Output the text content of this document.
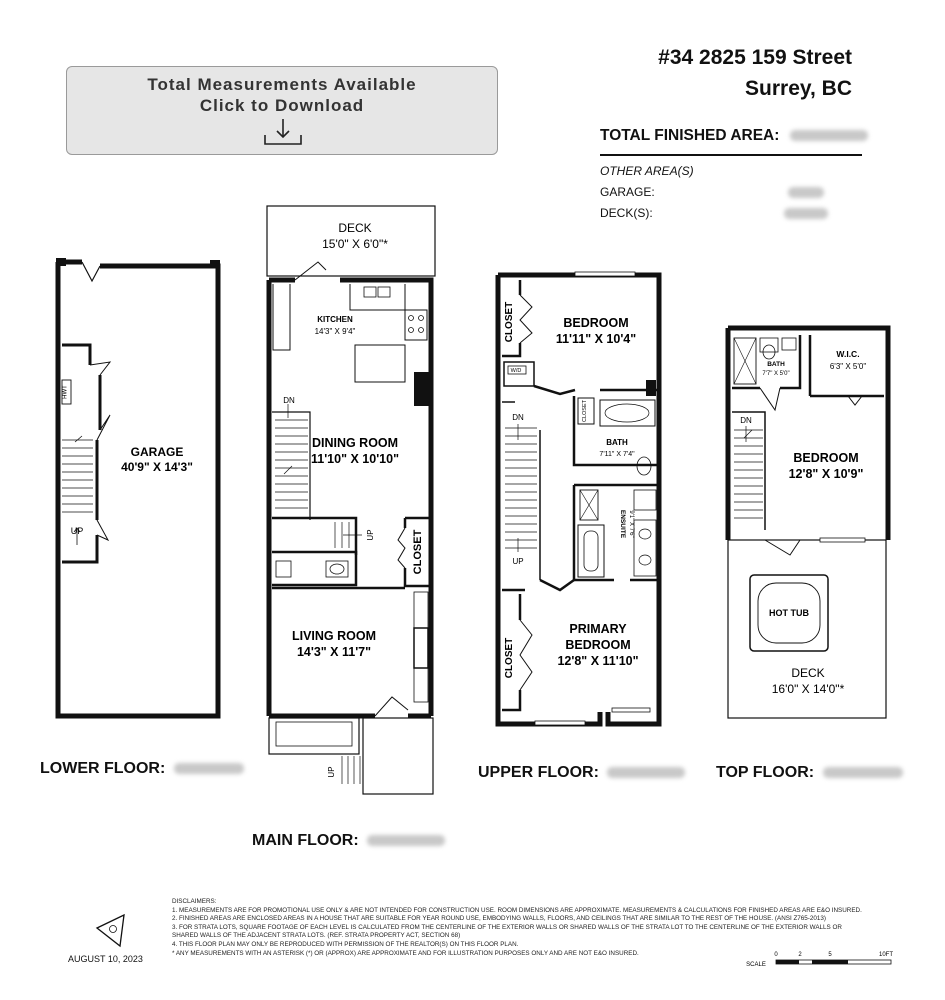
Total Measurements Available
Click to Download
#34 2825 159 Street
Surrey, BC
TOTAL FINISHED AREA:
OTHER AREA(S)
GARAGE:
DECK(S):
HWT
UP
GARAGE
40'9" X 14'3"
DECK
15'0" X 6'0"*
KITCHEN
14'3" X 9'4"
DN
UP
DINING ROOM
11'10" X 10'10"
CLOSET
LIVING ROOM
14'3" X 11'7"
UP
CLOSET	BEDROOM
11'11" X 10'4"
W/D
CLOSET
BATH
7'11" X 7'4"
ENSUITE 9'1" X 7'6"
DN
UP
CLOSET
PRIMARY
BEDROOM
12'8" X 11'10"
BATH
7'7" X 5'0"
W.I.C.
6'3" X 5'0"
DN
BEDROOM
12'8" X 10'9"
HOT TUB
DECK
16'0" X 14'0"*
0	2	5	10FT
SCALE
LOWER FLOOR:
MAIN FLOOR:
UPPER FLOOR:	TOP FLOOR:
AUGUST 10, 2023
DISCLAIMERS:
1. MEASUREMENTS ARE FOR PROMOTIONAL USE ONLY & ARE NOT INTENDED FOR CONSTRUCTION USE. ROOM DIMENSIONS ARE APPROXIMATE. MEASUREMENTS & CALCULATIONS FOR FINISHED AREAS ARE E&O INSURED.
2. FINISHED AREAS ARE ENCLOSED AREAS IN A HOUSE THAT ARE SUITABLE FOR YEAR ROUND USE, EMBODYING WALLS, FLOORS, AND CEILINGS THAT ARE SIMILAR TO THE REST OF THE HOUSE. (ANSI Z765-2013)
3. FOR STRATA LOTS, SQUARE FOOTAGE OF EACH LEVEL IS CALCULATED FROM THE CENTERLINE OF THE EXTERIOR WALLS OR SHARED WALLS OF THE STRATA LOT TO THE CENTERLINE OF THE EXTERIOR WALLS OR
SHARED WALLS OF THE ADJACENT STRATA LOTS. (REF. STRATA PROPERTY ACT, SECTION 68)
4. THIS FLOOR PLAN MAY ONLY BE REPRODUCED WITH PERMISSION OF THE REALTOR(S) ON THIS FLOOR PLAN.
* ANY MEASUREMENTS WITH AN ASTERISK (*) OR (APPROX) ARE APPROXIMATE AND FOR ILLUSTRATION PURPOSES ONLY AND ARE NOT E&O INSURED.
